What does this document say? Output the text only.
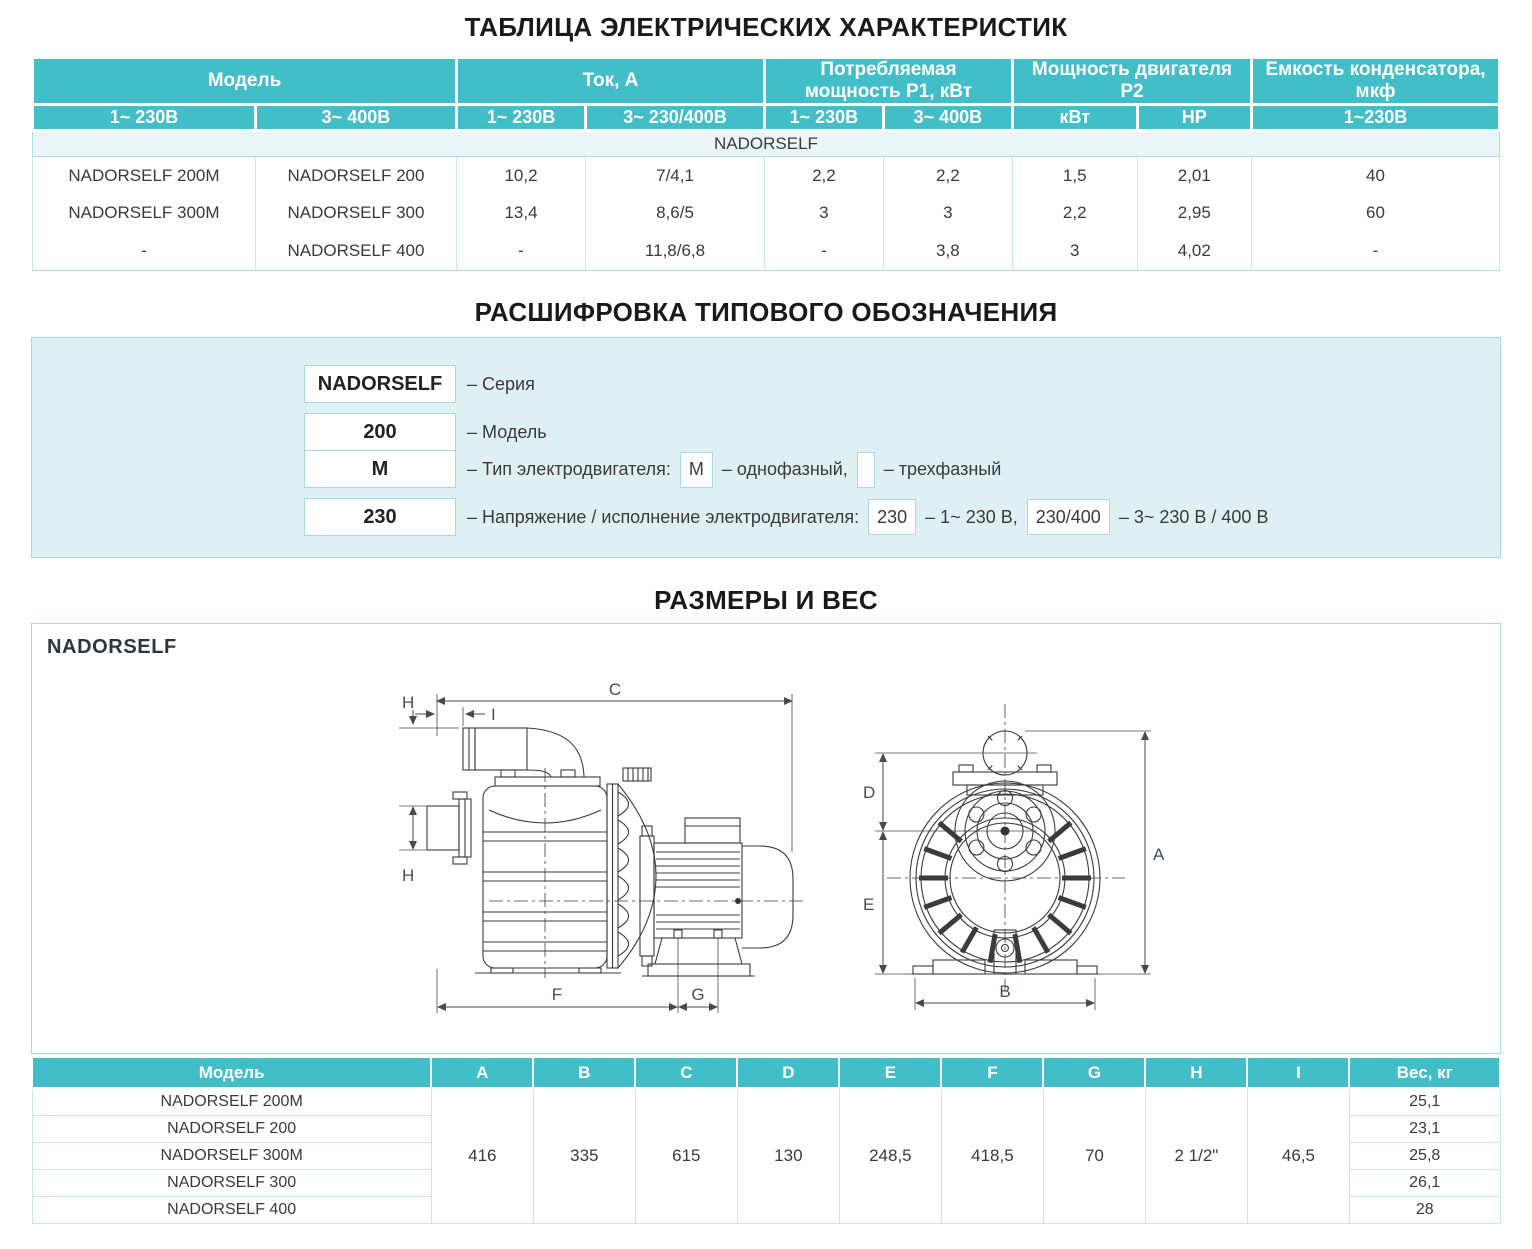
ТАБЛИЦА ЭЛЕКТРИЧЕСКИХ ХАРАКТЕРИСТИК
Модель		Ток, А		Потребляемая мощность P1, кВт		Мощность двигателя P2		Емкость конденсатора, мкф
1~ 230В	3~ 400В	1~ 230В	3~ 230/400В	1~ 230В	3~ 400В	кВт	HP	1~230В
NADORSELF								
NADORSELF 200M	NADORSELF 200	10,2	7/4,1	2,2	2,2	1,5	2,01	40
NADORSELF 300M	NADORSELF 300	13,4	8,6/5	3	3	2,2	2,95	60
-	NADORSELF 400	-	11,8/6,8	-	3,8	3	4,02	-
РАСШИФРОВКА ТИПОВОГО ОБОЗНАЧЕНИЯ
NADORSELF	– Серия
200	– Модель
M	– Тип электродвигателя:	M	– однофазный, – трехфазный
230	– Напряжение / исполнение электродвигателя:	230	– 1~ 230 В,	230/400	– 3~ 230 В / 400 В
РАЗМЕРЫ И ВЕС
NADORSELF
C
H
I
H
F	G
A
D
E
B
Модель	A	B	C	D	E	F	G	H	I	Вес, кг
NADORSELF 200M	416	335	615	130	248,5	418,5	70	2 1/2"	46,5	25,1
NADORSELF 200										23,1
NADORSELF 300M										25,8
NADORSELF 300										26,1
NADORSELF 400										28
